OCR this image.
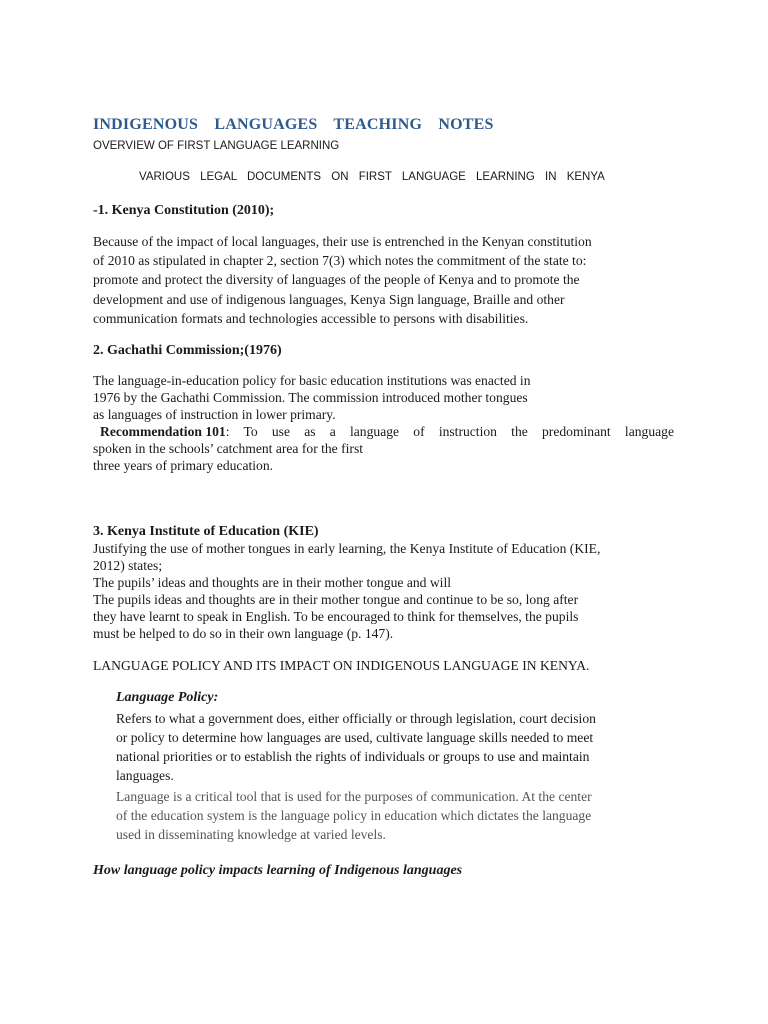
INDIGENOUS LANGUAGES TEACHING NOTES
OVERVIEW OF FIRST LANGUAGE LEARNING
VARIOUS LEGAL DOCUMENTS ON FIRST LANGUAGE LEARNING IN KENYA
-1. Kenya Constitution (2010);
Because of the impact of local languages, their use is entrenched in the Kenyan constitution
of 2010 as stipulated in chapter 2, section 7(3) which notes the commitment of the state to:
promote and protect the diversity of languages of the people of Kenya and to promote the
development and use of indigenous languages, Kenya Sign language, Braille and other
communication formats and technologies accessible to persons with disabilities.
2. Gachathi Commission;(1976)
The language-in-education policy for basic education institutions was enacted in
1976 by the Gachathi Commission. The commission introduced mother tongues
as languages of instruction in lower primary.
Recommendation 101 : To use as a language of instruction the predominant language
spoken in the schools’ catchment area for the first
three years of primary education.
3. Kenya Institute of Education (KIE)
Justifying the use of mother tongues in early learning, the Kenya Institute of Education (KIE,
2012) states;
The pupils’ ideas and thoughts are in their mother tongue and will
The pupils ideas and thoughts are in their mother tongue and continue to be so, long after
they have learnt to speak in English. To be encouraged to think for themselves, the pupils
must be helped to do so in their own language (p. 147).
LANGUAGE POLICY AND ITS IMPACT ON INDIGENOUS LANGUAGE IN KENYA.
Language Policy:
Refers to what a government does, either officially or through legislation, court decision
or policy to determine how languages are used, cultivate language skills needed to meet
national priorities or to establish the rights of individuals or groups to use and maintain
languages.
Language is a critical tool that is used for the purposes of communication. At the center
of the education system is the language policy in education which dictates the language
used in disseminating knowledge at varied levels.
How language policy impacts learning of Indigenous languages
